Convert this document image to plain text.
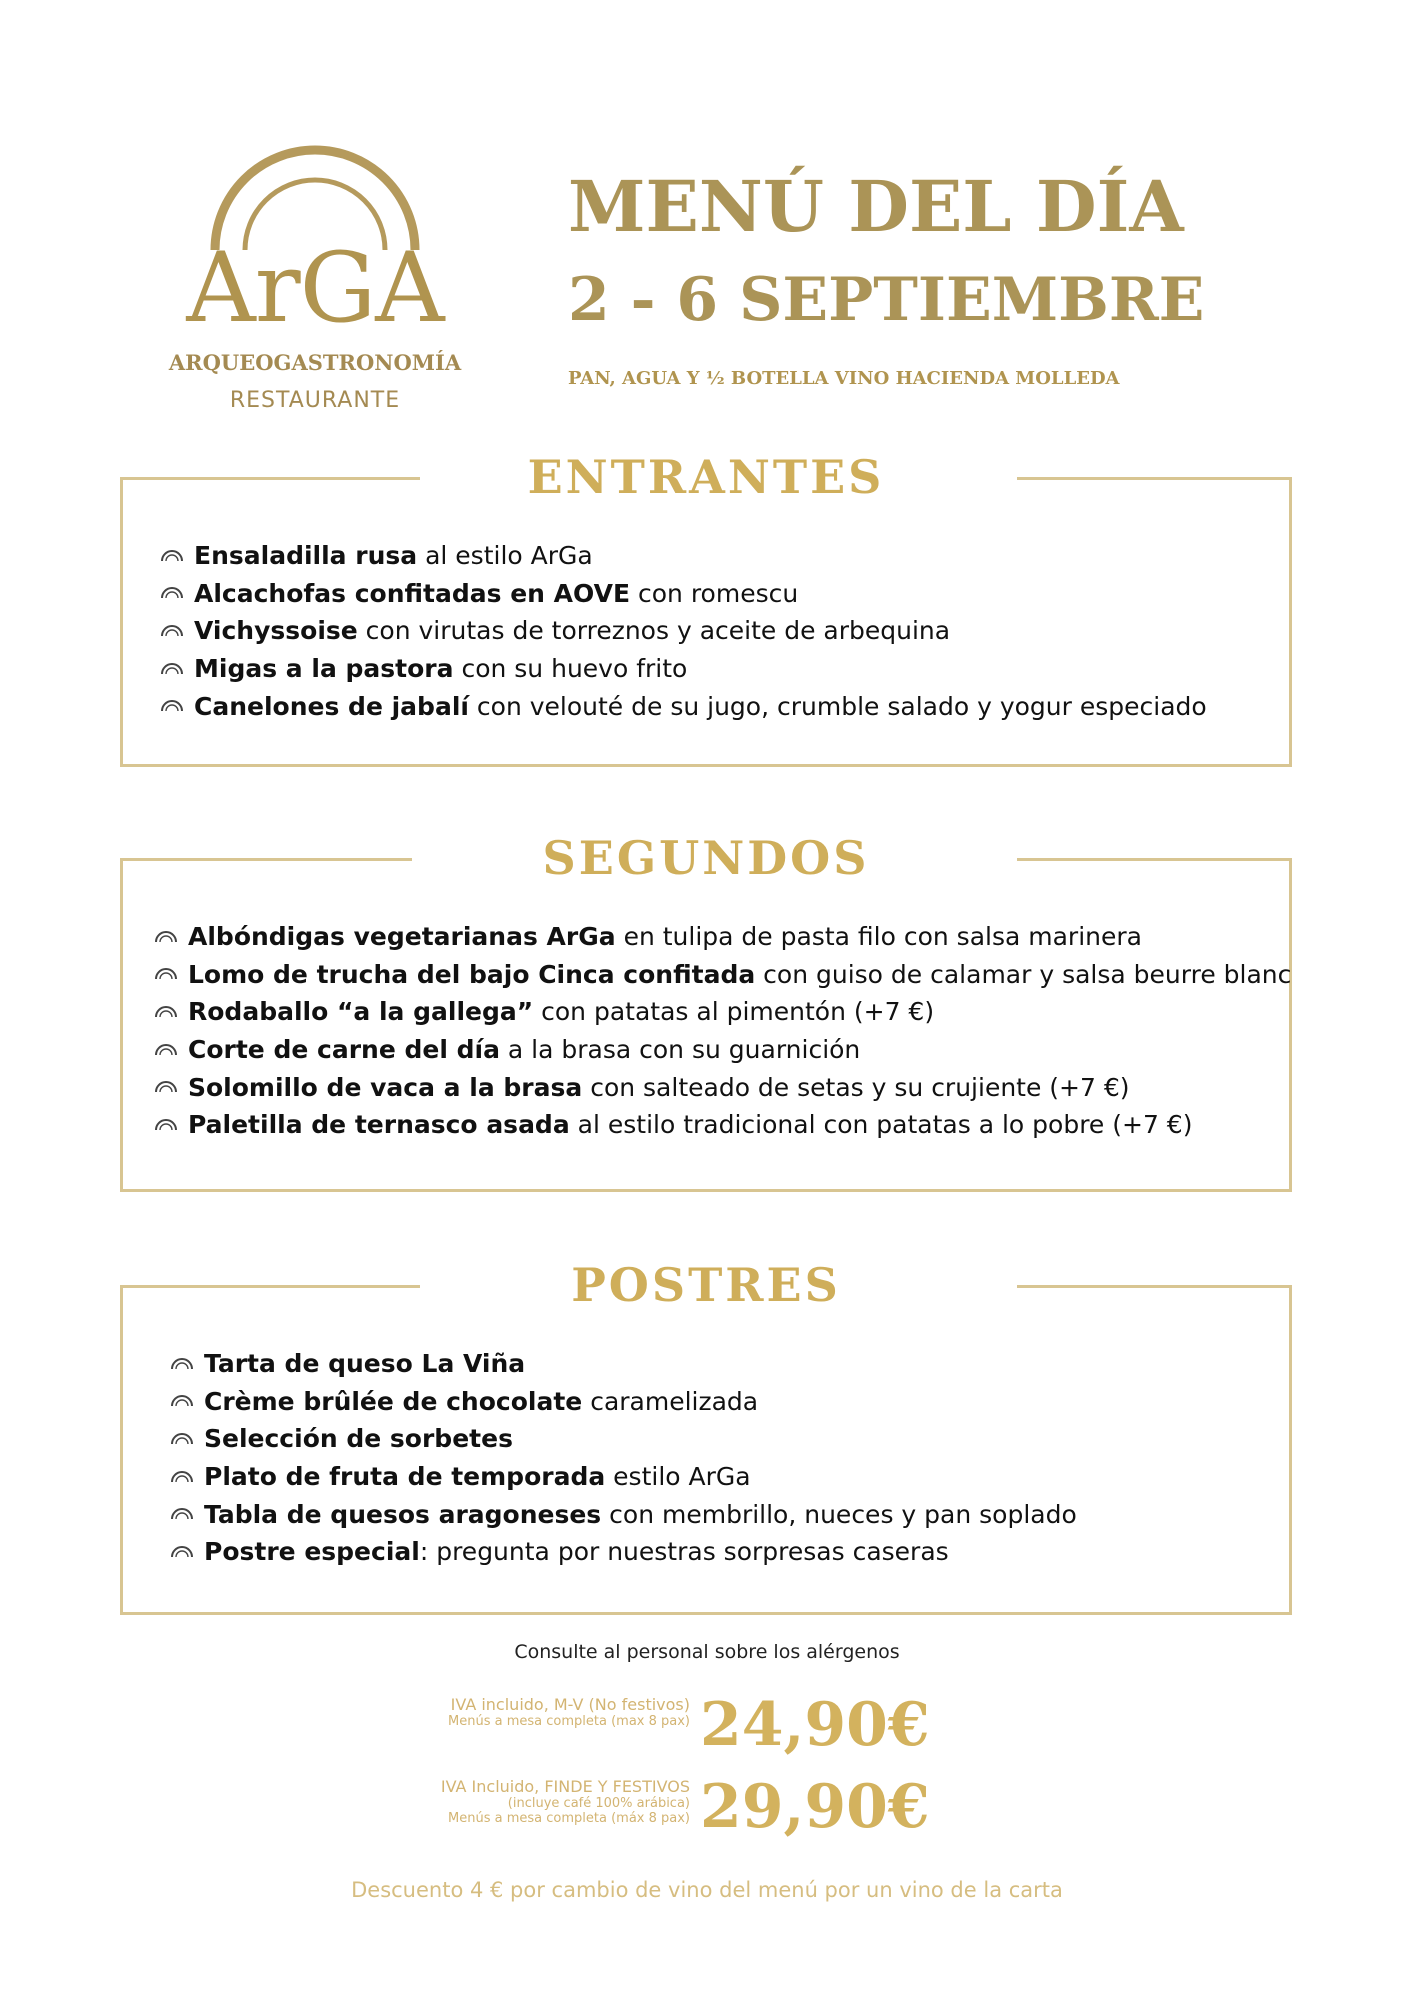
ArGA
ARQUEOGASTRONOMÍA
RESTAURANTE
MENÚ DEL DÍA
2 - 6 SEPTIEMBRE
PAN, AGUA Y ½ BOTELLA VINO HACIENDA MOLLEDA
ENTRANTES
Ensaladilla rusa al estilo ArGa
Alcachofas confitadas en AOVE con romescu
Vichyssoise con virutas de torreznos y aceite de arbequina
Migas a la pastora con su huevo frito
Canelones de jabalí con velouté de su jugo, crumble salado y yogur especiado
SEGUNDOS
Albóndigas vegetarianas ArGa en tulipa de pasta filo con salsa marinera
Lomo de trucha del bajo Cinca confitada con guiso de calamar y salsa beurre blanc
Rodaballo “a la gallega” con patatas al pimentón (+7 €)
Corte de carne del día a la brasa con su guarnición
Solomillo de vaca a la brasa con salteado de setas y su crujiente (+7 €)
Paletilla de ternasco asada al estilo tradicional con patatas a lo pobre (+7 €)
POSTRES
Tarta de queso La Viña
Crème brûlée de chocolate caramelizada
Selección de sorbetes
Plato de fruta de temporada estilo ArGa
Tabla de quesos aragoneses con membrillo, nueces y pan soplado
Postre especial : pregunta por nuestras sorpresas caseras
Consulte al personal sobre los alérgenos
IVA incluido, M-V (No festivos)
Menús a mesa completa (max 8 pax) 24,90€
IVA Incluido, FINDE Y FESTIVOS
(incluye café 100% arábica)
Menús a mesa completa (máx 8 pax) 29,90€
Descuento 4 € por cambio de vino del menú por un vino de la carta
